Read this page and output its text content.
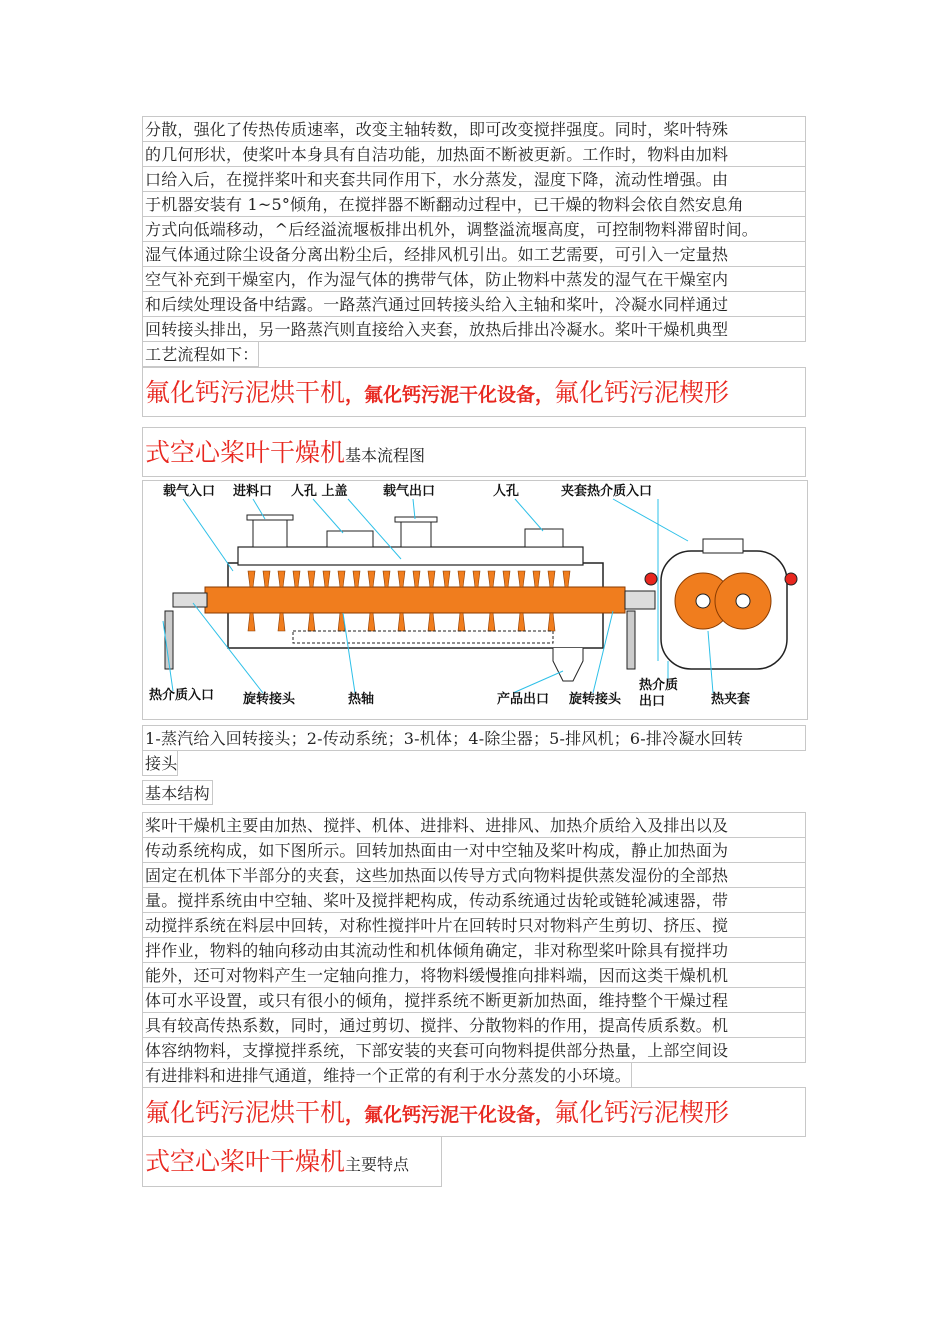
分散，强化了传热传质速率，改变主轴转数，即可改变搅拌强度。同时，桨叶特殊
的几何形状，使桨叶本身具有自洁功能，加热面不断被更新。工作时，物料由加料
口给入后，在搅拌桨叶和夹套共同作用下，水分蒸发，湿度下降，流动性增强。由
于机器安装有 1~5°倾角，在搅拌器不断翻动过程中，已干燥的物料会依自然安息角
方式向低端移动，^后经溢流堰板排出机外，调整溢流堰高度，可控制物料滞留时间。
湿气体通过除尘设备分离出粉尘后，经排风机引出。如工艺需要，可引入一定量热
空气补充到干燥室内，作为湿气体的携带气体，防止物料中蒸发的湿气在干燥室内
和后续处理设备中结露。一路蒸汽通过回转接头给入主轴和桨叶，冷凝水同样通过
回转接头排出，另一路蒸汽则直接给入夹套，放热后排出冷凝水。桨叶干燥机典型
工艺流程如下：
氟化钙污泥烘干机，氟化钙污泥干化设备，氟化钙污泥楔形
式空心桨叶干燥机基本流程图
载气入口 进料口 人孔 上盖	载气出口	人孔	夹套热介质入口
热介质入口 旋转接头	热轴	产品出口 旋转接头
热介质
出口	热夹套
1-蒸汽给入回转接头；2-传动系统；3-机体；4-除尘器；5-排风机；6-排冷凝水回转
接头
基本结构
桨叶干燥机主要由加热、搅拌、机体、进排料、进排风、加热介质给入及排出以及
传动系统构成，如下图所示。回转加热面由一对中空轴及桨叶构成，静止加热面为
固定在机体下半部分的夹套，这些加热面以传导方式向物料提供蒸发湿份的全部热
量。搅拌系统由中空轴、桨叶及搅拌耙构成，传动系统通过齿轮或链轮减速器，带
动搅拌系统在料层中回转，对称性搅拌叶片在回转时只对物料产生剪切、挤压、搅
拌作业，物料的轴向移动由其流动性和机体倾角确定，非对称型桨叶除具有搅拌功
能外，还可对物料产生一定轴向推力，将物料缓慢推向排料端，因而这类干燥机机
体可水平设置，或只有很小的倾角，搅拌系统不断更新加热面，维持整个干燥过程
具有较高传热系数，同时，通过剪切、搅拌、分散物料的作用，提高传质系数。机
体容纳物料，支撑搅拌系统，下部安装的夹套可向物料提供部分热量，上部空间设
有进排料和进排气通道，维持一个正常的有利于水分蒸发的小环境。
氟化钙污泥烘干机，氟化钙污泥干化设备，氟化钙污泥楔形
式空心桨叶干燥机主要特点
